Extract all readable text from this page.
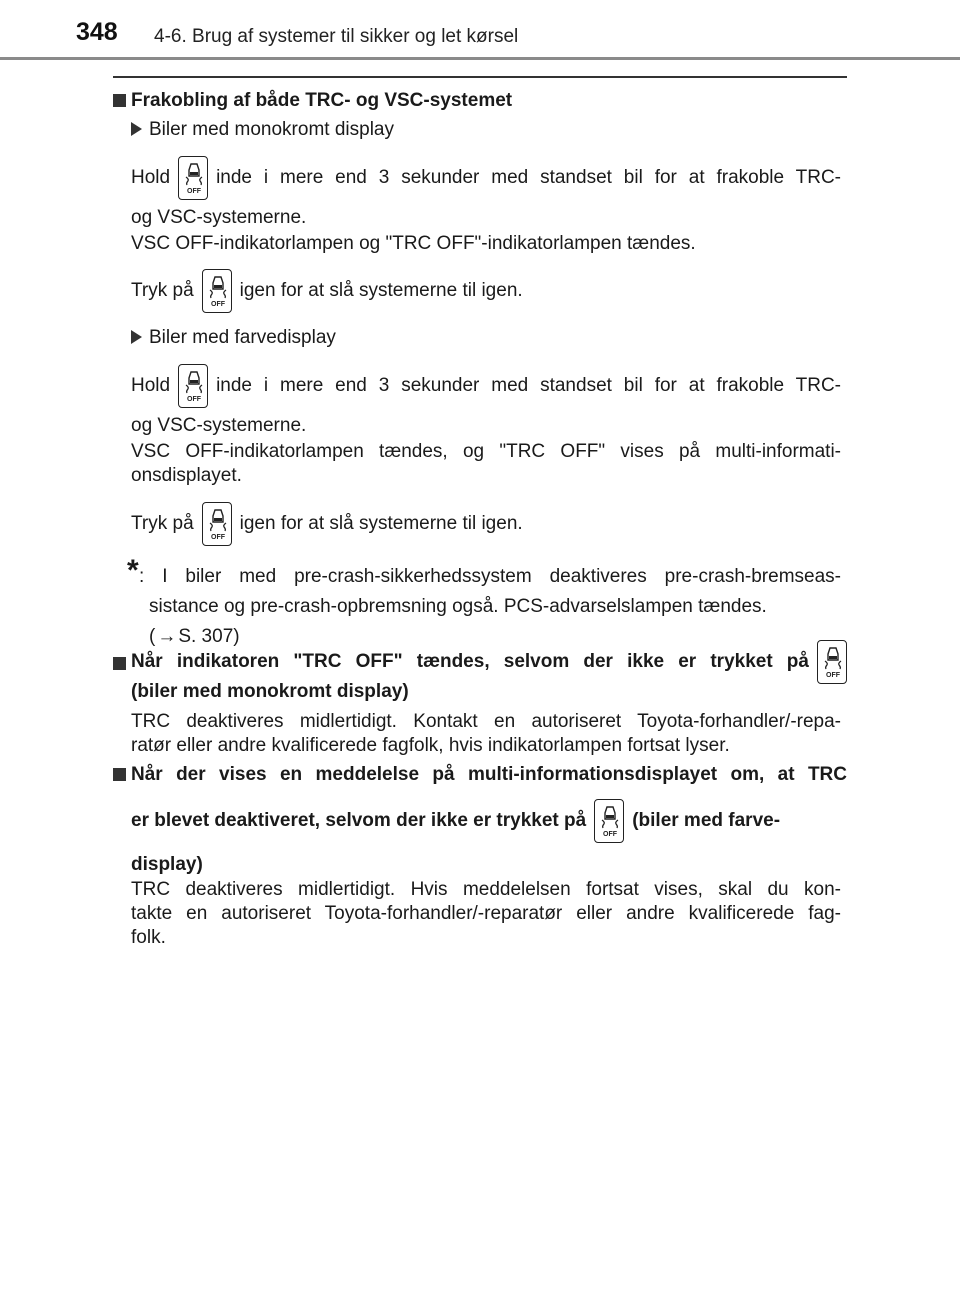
348 4-6. Brug af systemer til sikker og let kørsel
Frakobling af både TRC- og VSC-systemet
Biler med monokromt display
Hold inde i mere end 3 sekunder med standset bil for at frakoble TRC-
og VSC-systemerne.
VSC OFF-indikatorlampen og "TRC OFF"-indikatorlampen tændes.
Tryk på igen for at slå systemerne til igen.
Biler med farvedisplay
Hold inde i mere end 3 sekunder med standset bil for at frakoble TRC-
og VSC-systemerne.
VSC OFF-indikatorlampen tændes, og "TRC OFF" vises på multi-informati-
onsdisplayet.
Tryk på igen for at slå systemerne til igen.
* : I biler med pre-crash-sikkerhedssystem deaktiveres pre-crash-bremseas-
sistance og pre-crash-opbremsning også. PCS-advarselslampen tændes.
( → S. 307)
Når indikatoren "TRC OFF" tændes, selvom der ikke er trykket på
(biler med monokromt display)
TRC deaktiveres midlertidigt. Kontakt en autoriseret Toyota-forhandler/-repa-
ratør eller andre kvalificerede fagfolk, hvis indikatorlampen fortsat lyser.
Når der vises en meddelelse på multi-informationsdisplayet om, at TRC
er blevet deaktiveret, selvom der ikke er trykket på (biler med farve-
display)
TRC deaktiveres midlertidigt. Hvis meddelelsen fortsat vises, skal du kon-
takte en autoriseret Toyota-forhandler/-reparatør eller andre kvalificerede fag-
folk.
